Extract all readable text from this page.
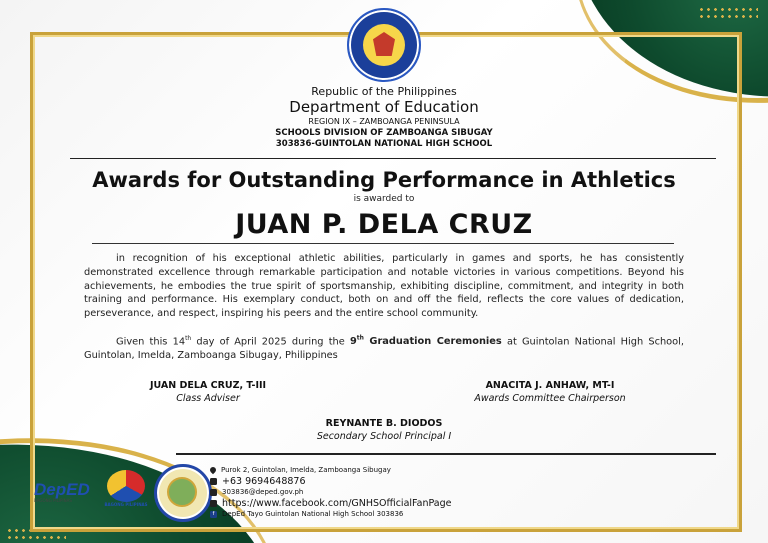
Republic of the Philippines
Department of Education
REGION IX – ZAMBOANGA PENINSULA
SCHOOLS DIVISION OF ZAMBOANGA SIBUGAY
303836-GUINTOLAN NATIONAL HIGH SCHOOL
Awards for Outstanding Performance in Athletics
is awarded to
JUAN P. DELA CRUZ
in recognition of his exceptional athletic abilities, particularly in games and sports, he has consistently demonstrated excellence through remarkable participation and notable victories in various competitions. Beyond his achievements, he embodies the true spirit of sportsmanship, exhibiting discipline, commitment, and integrity in both training and performance. His exemplary conduct, both on and off the field, reflects the core values of dedication, perseverance, and respect, inspiring his peers and the entire school community.
Given this 14th day of April 2025 during the 9th Graduation Ceremonies at Guintolan National High School, Guintolan, Imelda, Zamboanga Sibugay, Philippines
JUAN DELA CRUZ, T-III
Class Adviser
ANACITA J. ANHAW, MT-I
Awards Committee Chairperson
REYNANTE B. DIODOS
Secondary School Principal I
DepED
BAGONG PILIPINAS
BAGONG PILIPINAS
Purok 2, Guintolan, Imelda, Zamboanga Sibugay
+63 9694648876
303836@deped.gov.ph
https://www.facebook.com/GNHSOfficialFanPage
f	DepEd Tayo Guintolan National High School 303836
